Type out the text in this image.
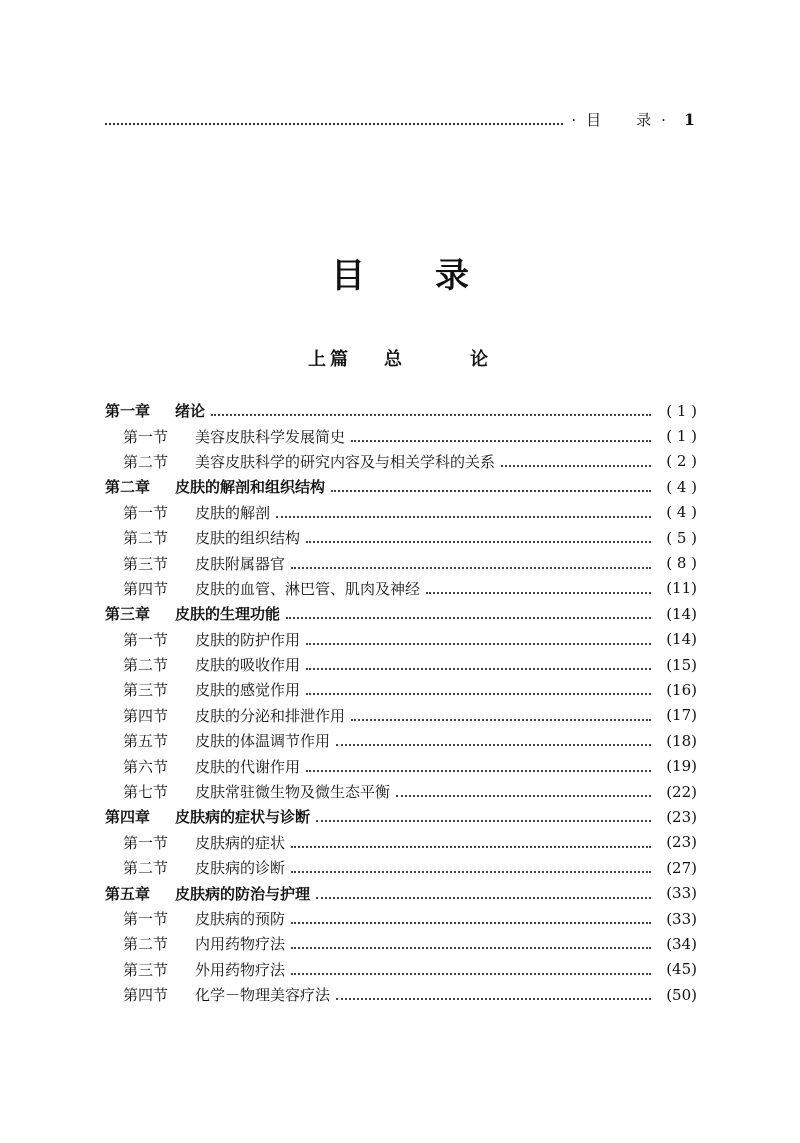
·目　录· 1
目录
上篇 总	论
第一章	绪论	( 1 )
第一节	美容皮肤科学发展简史	( 1 )
第二节	美容皮肤科学的研究内容及与相关学科的关系	( 2 )
第二章	皮肤的解剖和组织结构	( 4 )
第一节	皮肤的解剖	( 4 )
第二节	皮肤的组织结构	( 5 )
第三节	皮肤附属器官	( 8 )
第四节	皮肤的血管、淋巴管、肌肉及神经	(11)
第三章	皮肤的生理功能	(14)
第一节	皮肤的防护作用	(14)
第二节	皮肤的吸收作用	(15)
第三节	皮肤的感觉作用	(16)
第四节	皮肤的分泌和排泄作用	(17)
第五节	皮肤的体温调节作用	(18)
第六节	皮肤的代谢作用	(19)
第七节	皮肤常驻微生物及微生态平衡	(22)
第四章	皮肤病的症状与诊断	(23)
第一节	皮肤病的症状	(23)
第二节	皮肤病的诊断	(27)
第五章	皮肤病的防治与护理	(33)
第一节	皮肤病的预防	(33)
第二节	内用药物疗法	(34)
第三节	外用药物疗法	(45)
第四节	化学－物理美容疗法	(50)
